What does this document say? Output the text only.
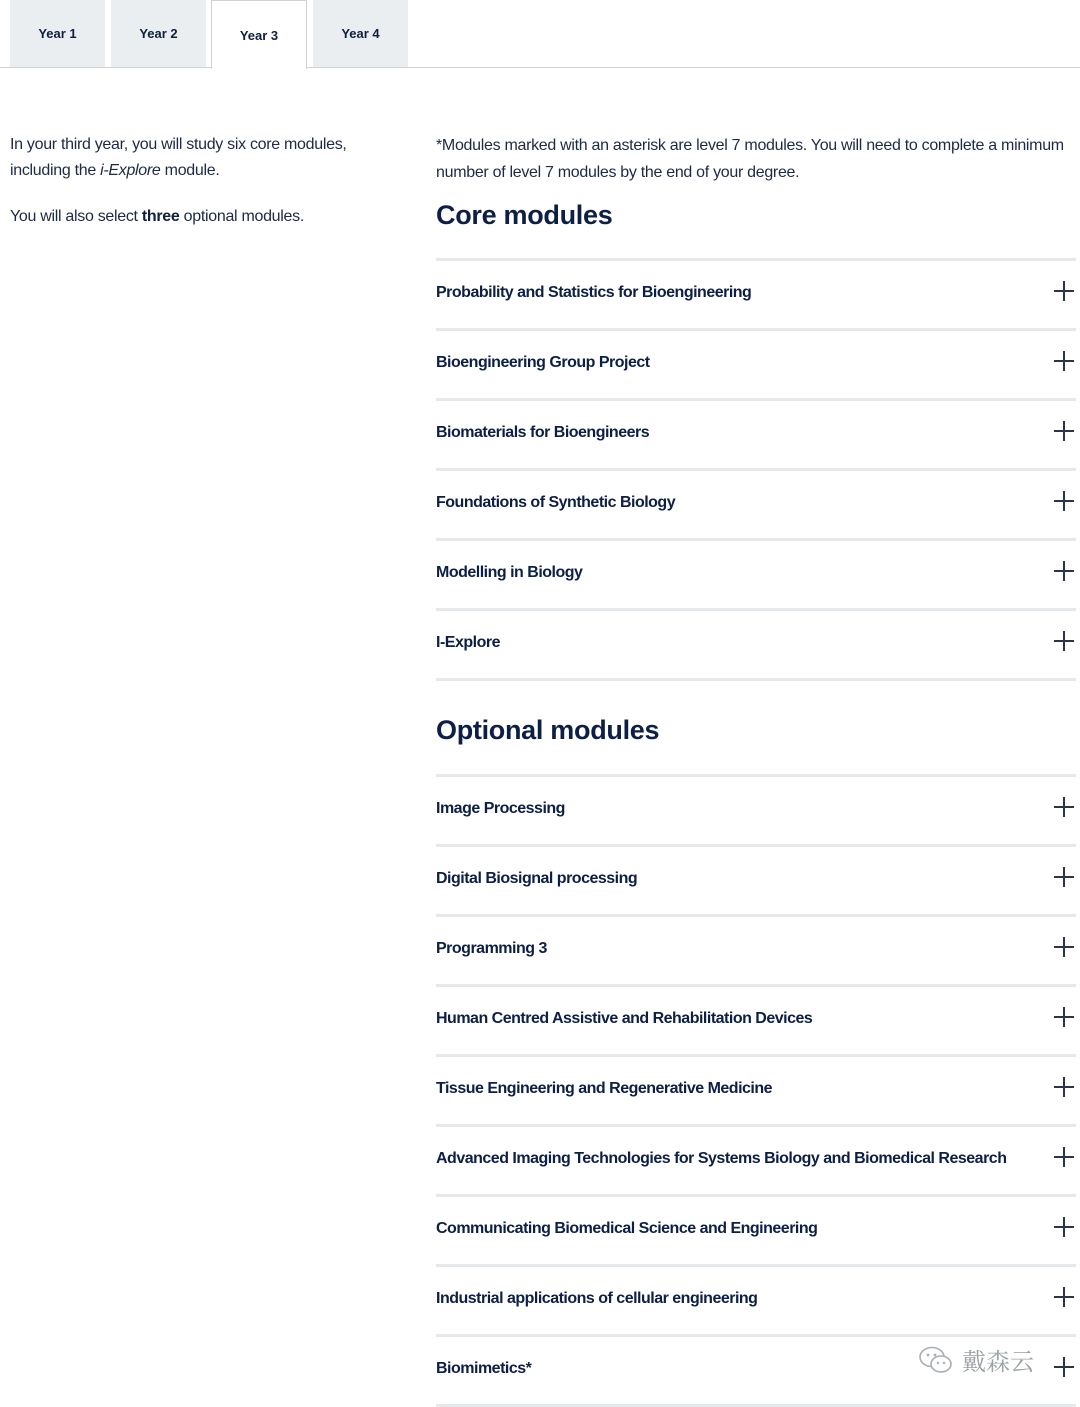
Year 1	Year 2	Year 3	Year 4

In your third year, you will study six core modules, including the i-Explore module.

You will also select three optional modules.

*Modules marked with an asterisk are level 7 modules. You will need to complete a minimum number of level 7 modules by the end of your degree.
Core modules
Probability and Statistics for Bioengineering
Bioengineering Group Project
Biomaterials for Bioengineers
Foundations of Synthetic Biology
Modelling in Biology
I-Explore
Optional modules
Image Processing
Digital Biosignal processing
Programming 3
Human Centred Assistive and Rehabilitation Devices
Tissue Engineering and Regenerative Medicine
Advanced Imaging Technologies for Systems Biology and Biomedical Research
Communicating Biomedical Science and Engineering
Industrial applications of cellular engineering
Biomimetics*	戴森云
